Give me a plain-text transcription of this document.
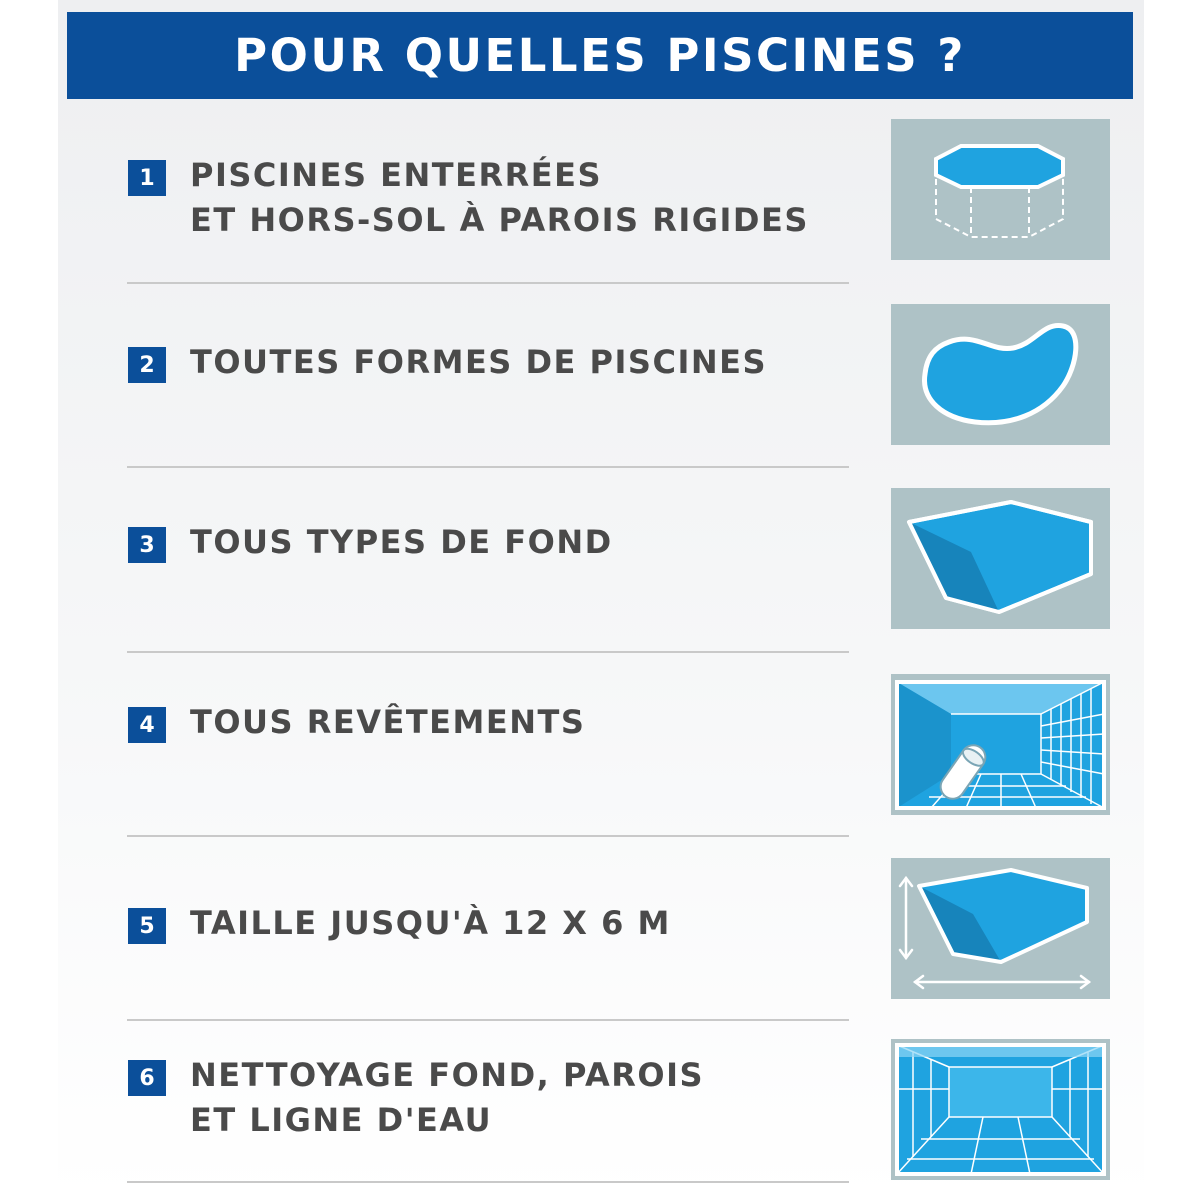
POUR QUELLES PISCINES ?
1	PISCINES ENTERRÉES
ET HORS-SOL À PAROIS RIGIDES
2	TOUTES FORMES DE PISCINES
3	TOUS TYPES DE FOND
4	TOUS REVÊTEMENTS
5	TAILLE JUSQU'À 12 X 6 M
6	NETTOYAGE FOND, PAROIS
ET LIGNE D'EAU
